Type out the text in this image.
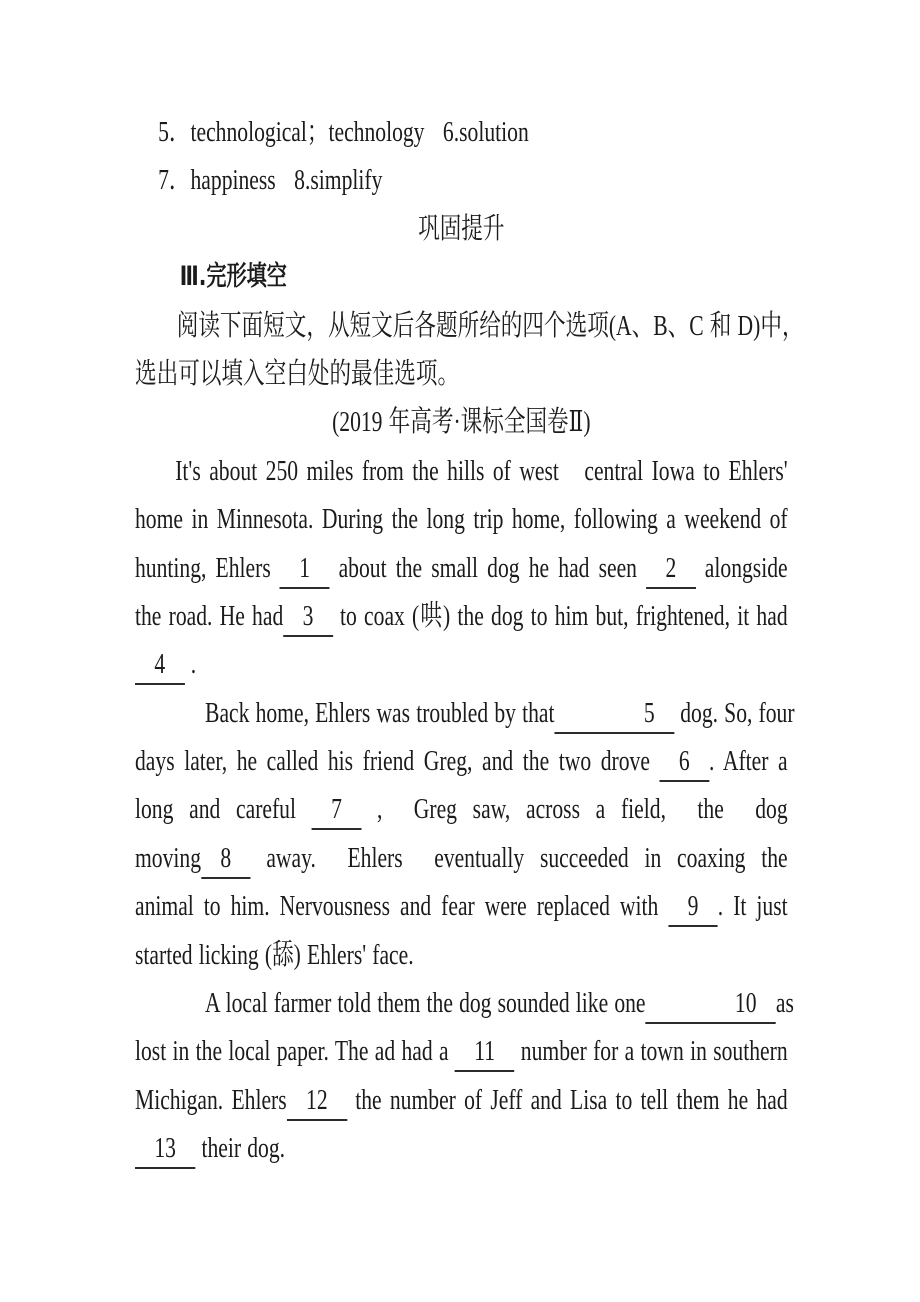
5．technological；technology   6.solution
7．happiness   8.simplify
巩固提升
Ⅲ.完形填空
阅读下面短文，从短文后各题所给的四个选项(A、B、C 和 D)中，
选出可以填入空白处的最佳选项。
(2019 年高考·课标全国卷Ⅱ)
It's about 250 miles from the hills of west   central Iowa to Ehlers'
home in Minnesota. During the long trip home, following a weekend of
hunting, Ehlers 1 about the small dog he had seen 2 alongside
the road. He had 3 to coax (哄) the dog to him but, frightened, it had
4 .
Back home, Ehlers was troubled by that	5 dog. So, four
days later, he called his friend Greg, and the two drove 6 . After a
long and careful 7 ,  Greg saw, across a field,  the  dog
moving 8 away.  Ehlers  eventually succeeded in coaxing the
animal to him. Nervousness and fear were replaced with 9 . It just
started licking (舔) Ehlers' face.
A local farmer told them the dog sounded like one	10 as
lost in the local paper. The ad had a 11 number for a town in southern
Michigan. Ehlers 12 the number of Jeff and Lisa to tell them he had
13 their dog.
